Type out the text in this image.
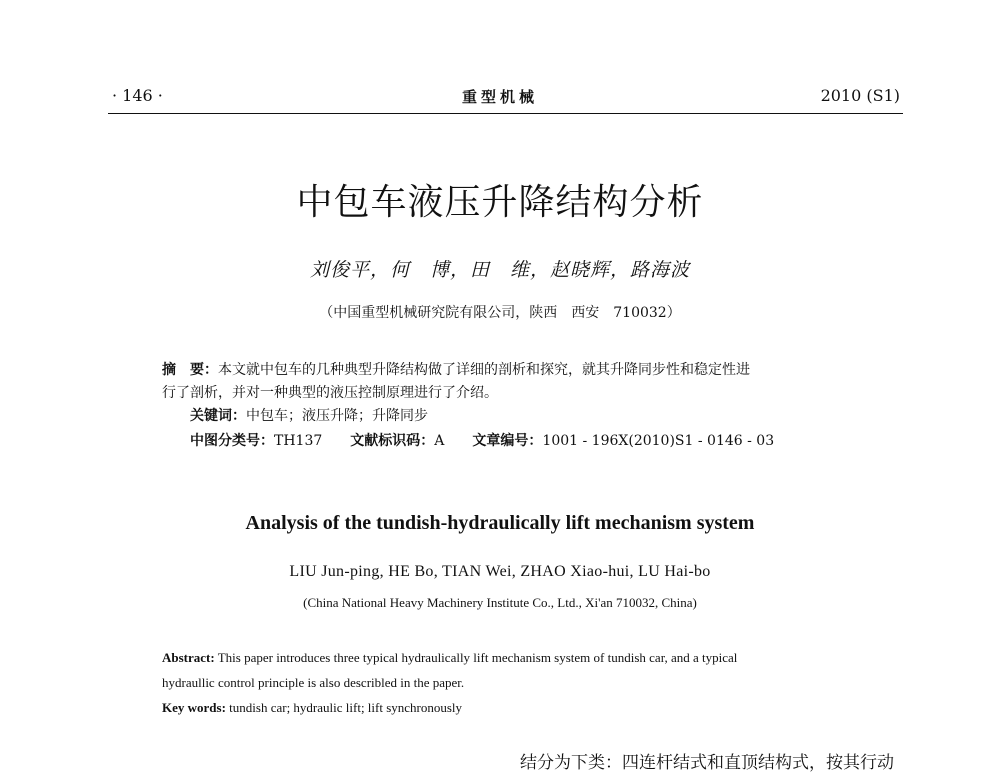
· 146 ·	重型机械	2010 (S1)
中包车液压升降结构分析
刘俊平，何　博，田　维，赵晓辉，路海波
（中国重型机械研究院有限公司，陕西　西安　710032）
摘　要：本文就中包车的几种典型升降结构做了详细的剖析和探究，就其升降同步性和稳定性进
行了剖析，并对一种典型的液压控制原理进行了介绍。
关键词：中包车；液压升降；升降同步
中图分类号：TH137 文献标识码：A 文章编号：1001 - 196X(2010)S1 - 0146 - 03
Analysis of the tundish-hydraulically lift mechanism system
LIU Jun-ping, HE Bo, TIAN Wei, ZHAO Xiao-hui, LU Hai-bo
(China National Heavy Machinery Institute Co., Ltd., Xi'an 710032, China)
Abstract: This paper introduces three typical hydraulically lift mechanism system of tundish car, and a typical
hydraullic control principle is also describled in the paper.
Key words: tundish car; hydraulic lift; lift synchronously
结分为下类：四连杆结式和直顶结构式，按其行动
